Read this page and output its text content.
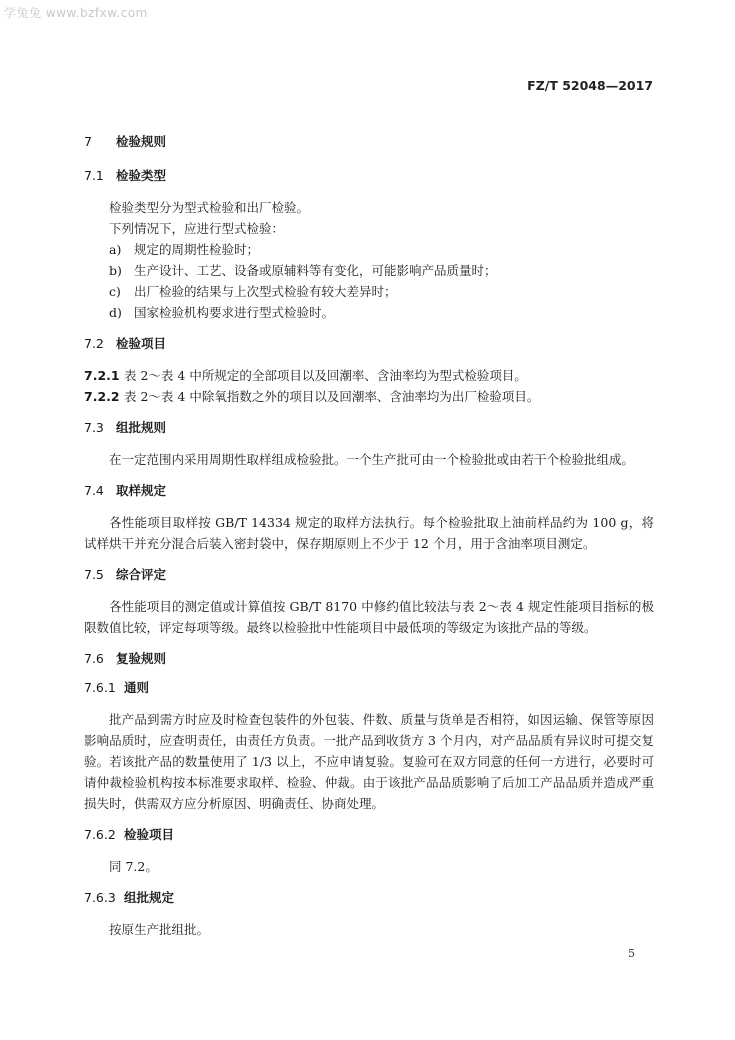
学兔兔 www.bzfxw.com
FZ/T 52048—2017

7 检验规则

7.1 检验类型

检验类型分为型式检验和出厂检验。

下列情况下，应进行型式检验：

a) 规定的周期性检验时；

b) 生产设计、工艺、设备或原辅料等有变化，可能影响产品质量时；

c) 出厂检验的结果与上次型式检验有较大差异时；

d) 国家检验机构要求进行型式检验时。

7.2 检验项目

7.2.1 表 2～表 4 中所规定的全部项目以及回潮率、含油率均为型式检验项目。

7.2.2 表 2～表 4 中除氧指数之外的项目以及回潮率、含油率均为出厂检验项目。

7.3 组批规则

在一定范围内采用周期性取样组成检验批。一个生产批可由一个检验批或由若干个检验批组成。

7.4 取样规定

各性能项目取样按 GB/T 14334 规定的取样方法执行。每个检验批取上油前样品约为 100 g，将试样烘干并充分混合后装入密封袋中，保存期原则上不少于 12 个月，用于含油率项目测定。

7.5 综合评定

各性能项目的测定值或计算值按 GB/T 8170 中修约值比较法与表 2～表 4 规定性能项目指标的极限数值比较，评定每项等级。最终以检验批中性能项目中最低项的等级定为该批产品的等级。

7.6 复验规则

7.6.1 通则

批产品到需方时应及时检查包装件的外包装、件数、质量与货单是否相符，如因运输、保管等原因影响品质时，应查明责任，由责任方负责。一批产品到收货方 3 个月内，对产品品质有异议时可提交复验。若该批产品的数量使用了 1/3 以上，不应申请复验。复验可在双方同意的任何一方进行，必要时可请仲裁检验机构按本标准要求取样、检验、仲裁。由于该批产品品质影响了后加工产品品质并造成严重损失时，供需双方应分析原因、明确责任、协商处理。

7.6.2 检验项目

同 7.2。

7.6.3 组批规定

按原生产批组批。

5
